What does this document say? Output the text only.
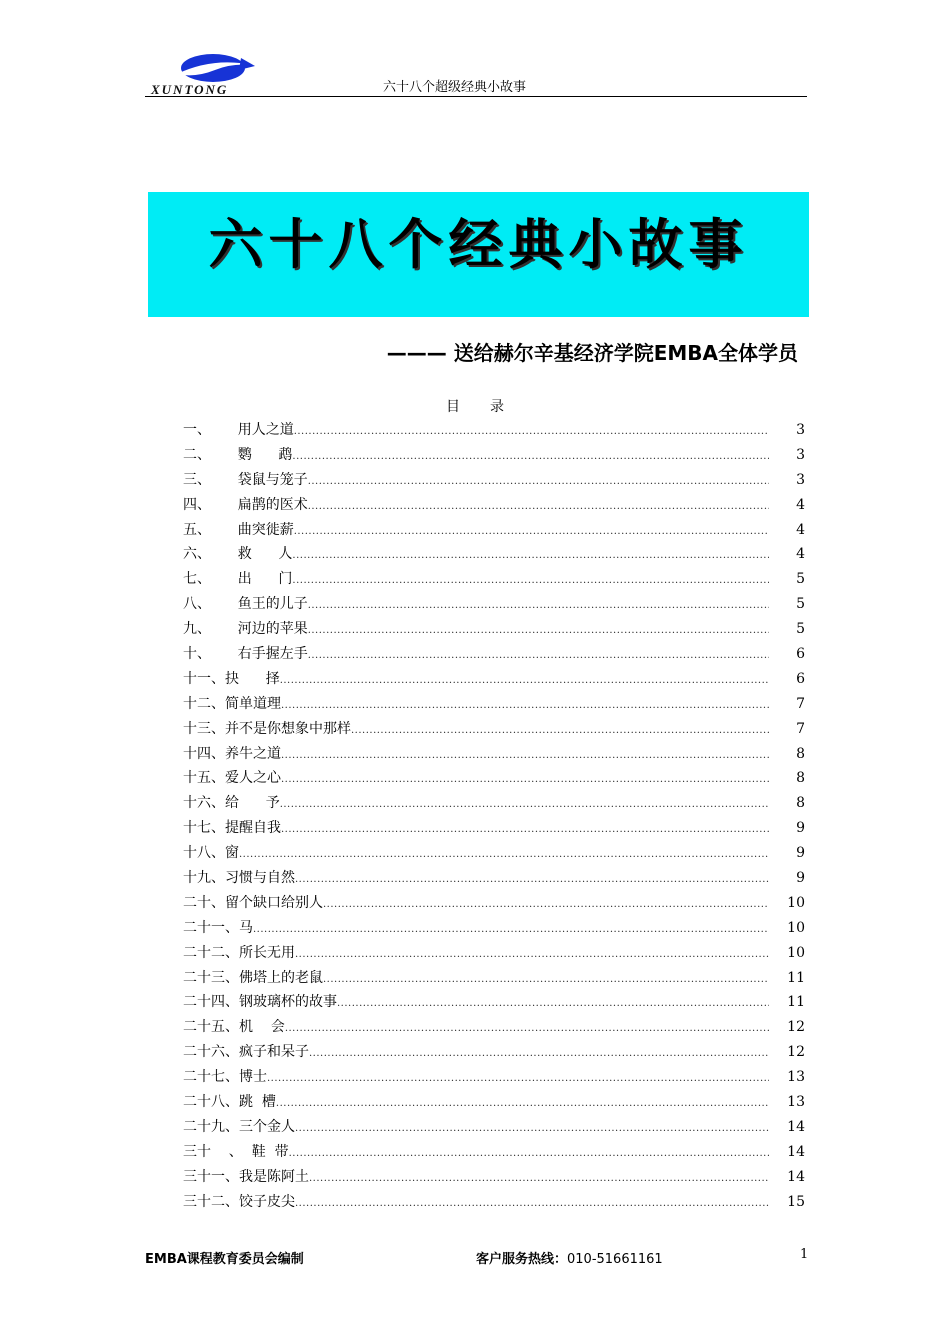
XUNTONG	六十八个超级经典小故事
六十八个经典小故事
——— 送给赫尔辛基经济学院EMBA全体学员
目录
一、      用人之道 .....	3
二、      鹦      鹉 .....	3
三、      袋鼠与笼子 .....	3
四、      扁鹊的医术 .....	4
五、      曲突徙薪 .....	4
六、      救      人 .....	4
七、      出      门 .....	5
八、      鱼王的儿子 .....	5
九、      河边的苹果 .....	5
十、      右手握左手 .....	6
十一、抉      择 .....	6
十二、简单道理 .....	7
十三、并不是你想象中那样 .....	7
十四、养牛之道 .....	8
十五、爱人之心 .....	8
十六、给      予 .....	8
十七、提醒自我 .....	9
十八、窗 .....	9
十九、习惯与自然 .....	9
二十、留个缺口给别人 .....	10
二十一、马 .....	10
二十二、所长无用 .....	10
二十三、佛塔上的老鼠 .....	11
二十四、钢玻璃杯的故事 .....	11
二十五、机    会 .....	12
二十六、疯子和呆子 .....	12
二十七、博士 .....	13
二十八、跳  槽 .....	13
二十九、三个金人 .....	14
三十    、  鞋  带 .....	14
三十一、我是陈阿土 .....	14
三十二、饺子皮尖 .....	15
EMBA课程教育委员会编制	客户服务热线：010-51661161	1
